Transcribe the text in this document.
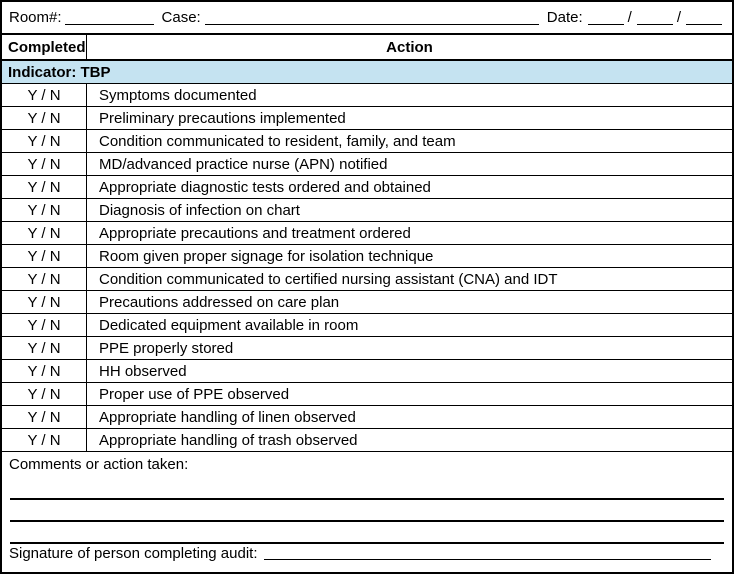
Room#:	Case:	Date:	/	/
Completed	Action
Indicator: TBP
Y / N	Symptoms documented
Y / N	Preliminary precautions implemented
Y / N	Condition communicated to resident, family, and team
Y / N	MD/advanced practice nurse (APN) notified
Y / N	Appropriate diagnostic tests ordered and obtained
Y / N	Diagnosis of infection on chart
Y / N	Appropriate precautions and treatment ordered
Y / N	Room given proper signage for isolation technique
Y / N	Condition communicated to certified nursing assistant (CNA) and IDT
Y / N	Precautions addressed on care plan
Y / N	Dedicated equipment available in room
Y / N	PPE properly stored
Y / N	HH observed
Y / N	Proper use of PPE observed
Y / N	Appropriate handling of linen observed
Y / N	Appropriate handling of trash observed
Comments or action taken:
Signature of person completing audit:
